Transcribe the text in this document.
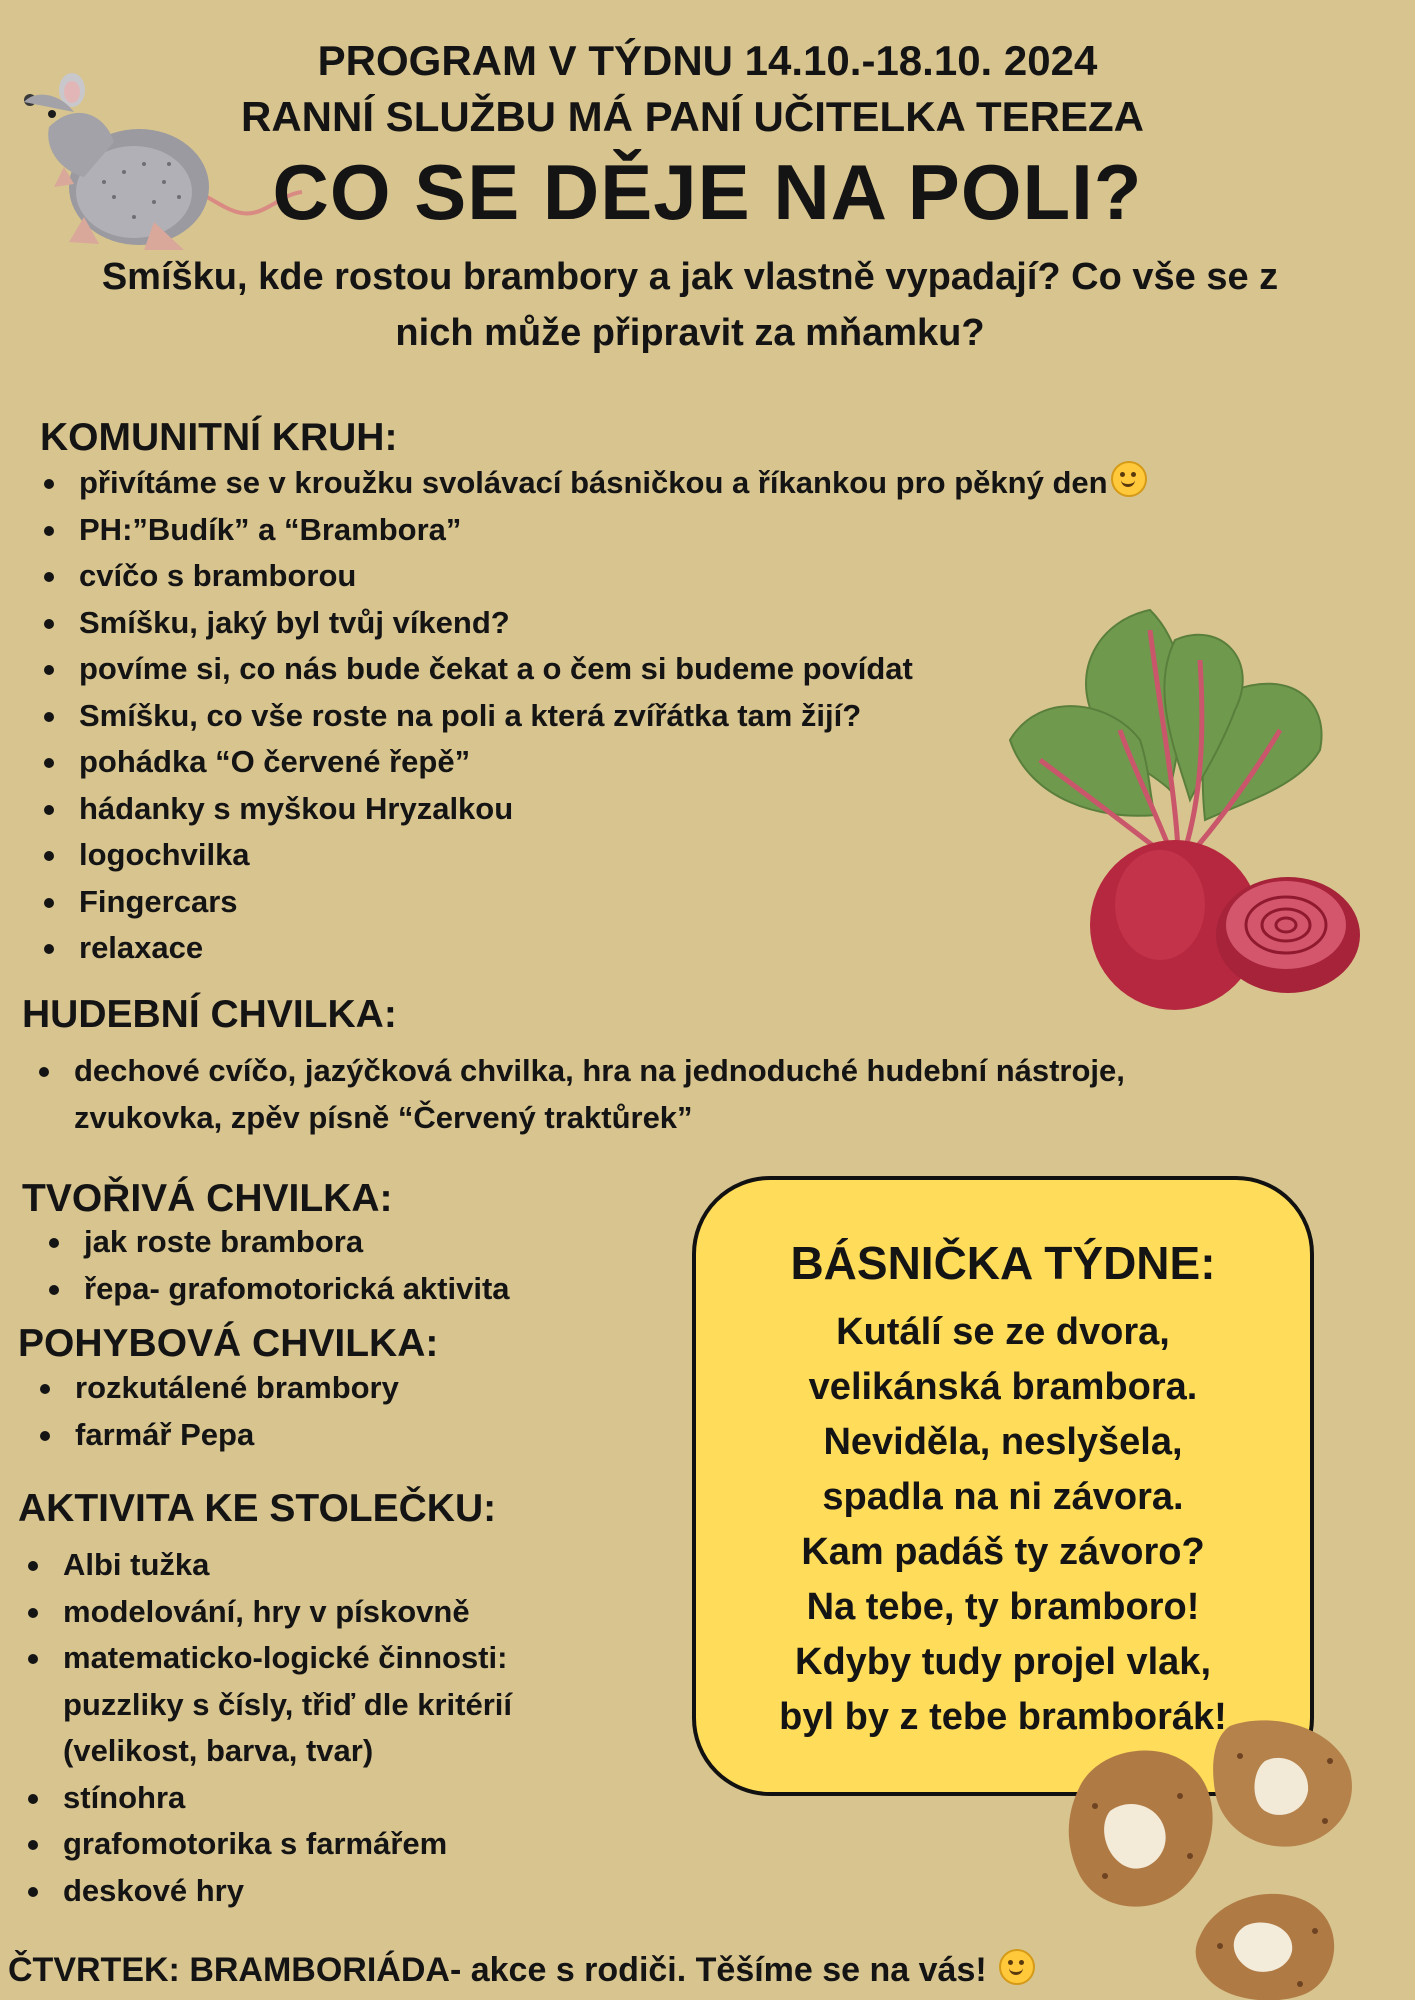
PROGRAM V TÝDNU 14.10.-18.10. 2024
RANNÍ SLUŽBU MÁ PANÍ UČITELKA TEREZA
CO SE DĚJE NA POLI?
Smíšku, kde rostou brambory a jak vlastně vypadají? Co vše se z
nich může připravit za mňamku?
KOMUNITNÍ KRUH:
přivítáme se v kroužku svolávací básničkou a říkankou pro pěkný den
PH:”Budík” a “Brambora”
cvíčo s bramborou
Smíšku, jaký byl tvůj víkend?
povíme si, co nás bude čekat a o čem si budeme povídat
Smíšku, co vše roste na poli a která zvířátka tam žijí?
pohádka “O červené řepě”
hádanky s myškou Hryzalkou
logochvilka
Fingercars
relaxace
HUDEBNÍ CHVILKA:
dechové cvíčo, jazýčková chvilka, hra na jednoduché hudební nástroje,
zvukovka, zpěv písně “Červený traktůrek”
TVOŘIVÁ CHVILKA:
jak roste brambora
řepa- grafomotorická aktivita
POHYBOVÁ CHVILKA:
rozkutálené brambory
farmář Pepa
AKTIVITA KE STOLEČKU:
Albi tužka
modelování, hry v pískovně
matematicko-logické činnosti:
puzzliky s čísly, třiď dle kritérií
(velikost, barva, tvar)
stínohra
grafomotorika s farmářem
deskové hry
BÁSNIČKA TÝDNE:
Kutálí se ze dvora,
velikánská brambora.
Neviděla, neslyšela,
spadla na ni závora.
Kam padáš ty závoro?
Na tebe, ty bramboro!
Kdyby tudy projel vlak,
byl by z tebe bramborák!
ČTVRTEK: BRAMBORIÁDA- akce s rodiči. Těšíme se na vás!
